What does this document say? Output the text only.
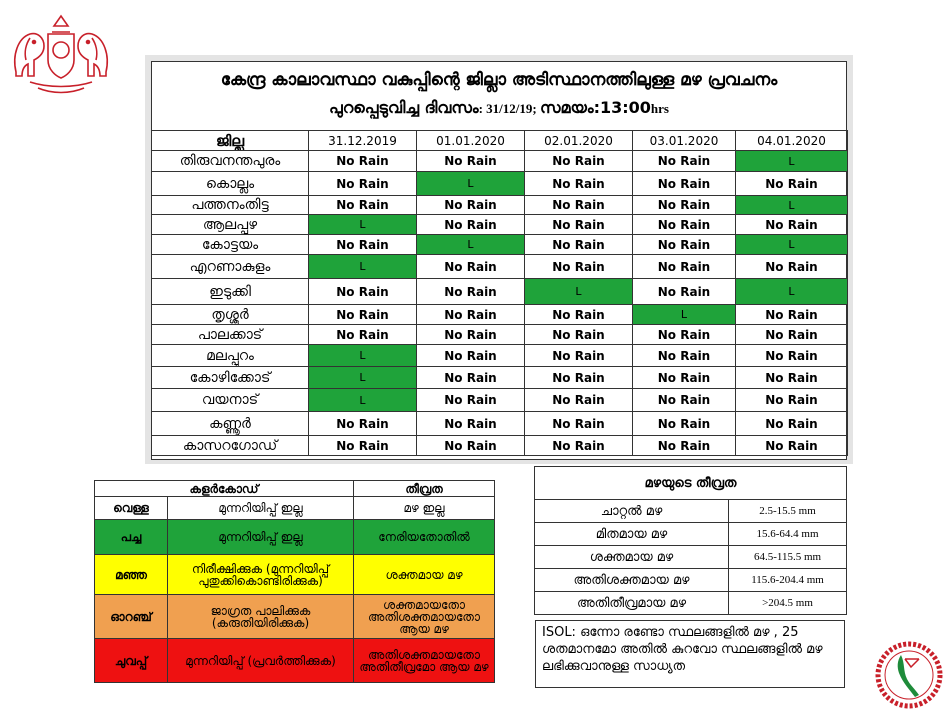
കേന്ദ്ര കാലാവസ്ഥാ വകുപ്പിന്റെ ജില്ലാ അടിസ്ഥാനത്തിലുള്ള മഴ പ്രവചനം
പുറപ്പെടുവിച്ച ദിവസം: 31/12/19; സമയം:13:00hrs
ജില്ല	31.12.2019	01.01.2020	02.01.2020	03.01.2020	04.01.2020
തിരുവനന്തപുരം	No Rain	No Rain	No Rain	No Rain	L
കൊല്ലം	No Rain	L	No Rain	No Rain	No Rain
പത്തനംതിട്ട	No Rain	No Rain	No Rain	No Rain	L
ആലപ്പുഴ	L	No Rain	No Rain	No Rain	No Rain
കോട്ടയം	No Rain	L	No Rain	No Rain	L
എറണാകുളം	L	No Rain	No Rain	No Rain	No Rain
ഇടുക്കി	No Rain	No Rain	L	No Rain	L
തൃശ്ശൂർ	No Rain	No Rain	No Rain	L	No Rain
പാലക്കാട്	No Rain	No Rain	No Rain	No Rain	No Rain
മലപ്പുറം	L	No Rain	No Rain	No Rain	No Rain
കോഴിക്കോട്	L	No Rain	No Rain	No Rain	No Rain
വയനാട്	L	No Rain	No Rain	No Rain	No Rain
കണ്ണൂർ	No Rain	No Rain	No Rain	No Rain	No Rain
കാസറഗോഡ്	No Rain	No Rain	No Rain	No Rain	No Rain
കളർകോഡ്		തീവ്രത
വെള്ള	മുന്നറിയിപ്പ് ഇല്ല	മഴ ഇല്ല
പച്ച	മുന്നറിയിപ്പ് ഇല്ല	നേരിയതോതിൽ
മഞ്ഞ	നിരീക്ഷിക്കുക (മുന്നറിയിപ്പ് പുതുക്കികൊണ്ടിരിക്കുക)	ശക്തമായ മഴ
ഓറഞ്ച്	ജാഗ്രത പാലിക്കുക (കരുതിയിരിക്കുക)	ശക്തമായതോ അതിശക്തമായതോ ആയ മഴ
ചുവപ്പ്	മുന്നറിയിപ്പ് (പ്രവർത്തിക്കുക)	അതിശക്തമായതോ അതിതീവ്രമോ ആയ മഴ
മഴയുടെ തീവ്രത	
ചാറ്റൽ മഴ	2.5-15.5 mm
മിതമായ മഴ	15.6-64.4 mm
ശക്തമായ മഴ	64.5-115.5 mm
അതിശക്തമായ മഴ	115.6-204.4 mm
അതിതീവ്രമായ മഴ	>204.5 mm
ISOL: ഒന്നോ രണ്ടോ സ്ഥലങ്ങളിൽ മഴ , 25 ശതമാനമോ അതിൽ കുറവോ സ്ഥലങ്ങളിൽ മഴ ലഭിക്കുവാനുള്ള സാധ്യത
